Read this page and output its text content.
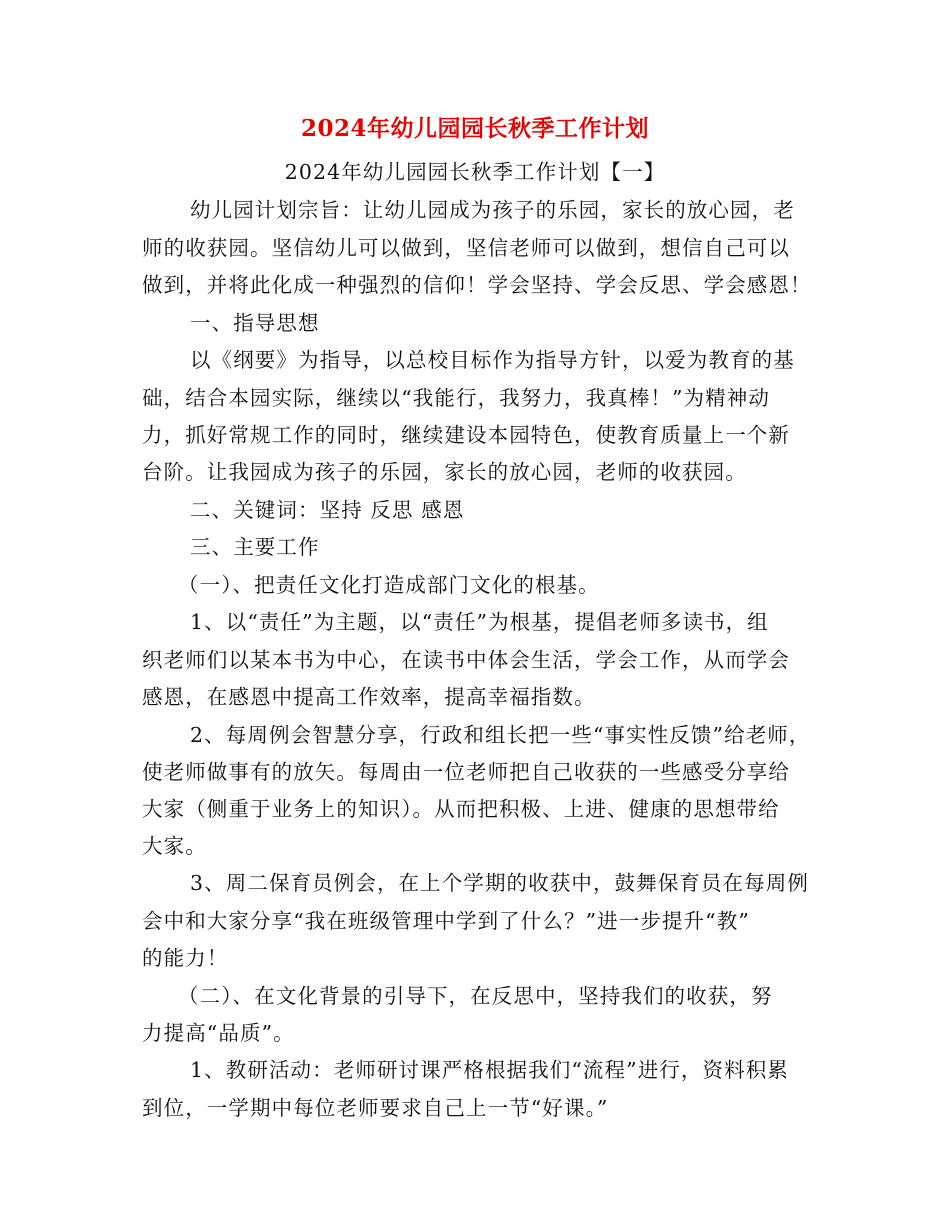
2024年幼儿园园长秋季工作计划
2024年幼儿园园长秋季工作计划【一】
幼儿园计划宗旨：让幼儿园成为孩子的乐园，家长的放心园，老
师的收获园。坚信幼儿可以做到，坚信老师可以做到，想信自己可以
做到，并将此化成一种强烈的信仰！学会坚持、学会反思、学会感恩！
一、指导思想
以《纲要》为指导，以总校目标作为指导方针，以爱为教育的基
础，结合本园实际，继续以“我能行，我努力，我真棒！”为精神动
力，抓好常规工作的同时，继续建设本园特色，使教育质量上一个新
台阶。让我园成为孩子的乐园，家长的放心园，老师的收获园。
二、关键词：坚持 反思 感恩
三、主要工作
（一）、把责任文化打造成部门文化的根基。
1、以“责任”为主题，以“责任”为根基，提倡老师多读书，组
织老师们以某本书为中心，在读书中体会生活，学会工作，从而学会
感恩，在感恩中提高工作效率，提高幸福指数。
2、每周例会智慧分享，行政和组长把一些“事实性反馈”给老师，
使老师做事有的放矢。每周由一位老师把自己收获的一些感受分享给
大家（侧重于业务上的知识）。从而把积极、上进、健康的思想带给
大家。
3、周二保育员例会，在上个学期的收获中，鼓舞保育员在每周例
会中和大家分享“我在班级管理中学到了什么？”进一步提升“教”
的能力！
（二）、在文化背景的引导下，在反思中，坚持我们的收获，努
力提高“品质”。
1、教研活动：老师研讨课严格根据我们“流程”进行，资料积累
到位，一学期中每位老师要求自己上一节“好课。”
